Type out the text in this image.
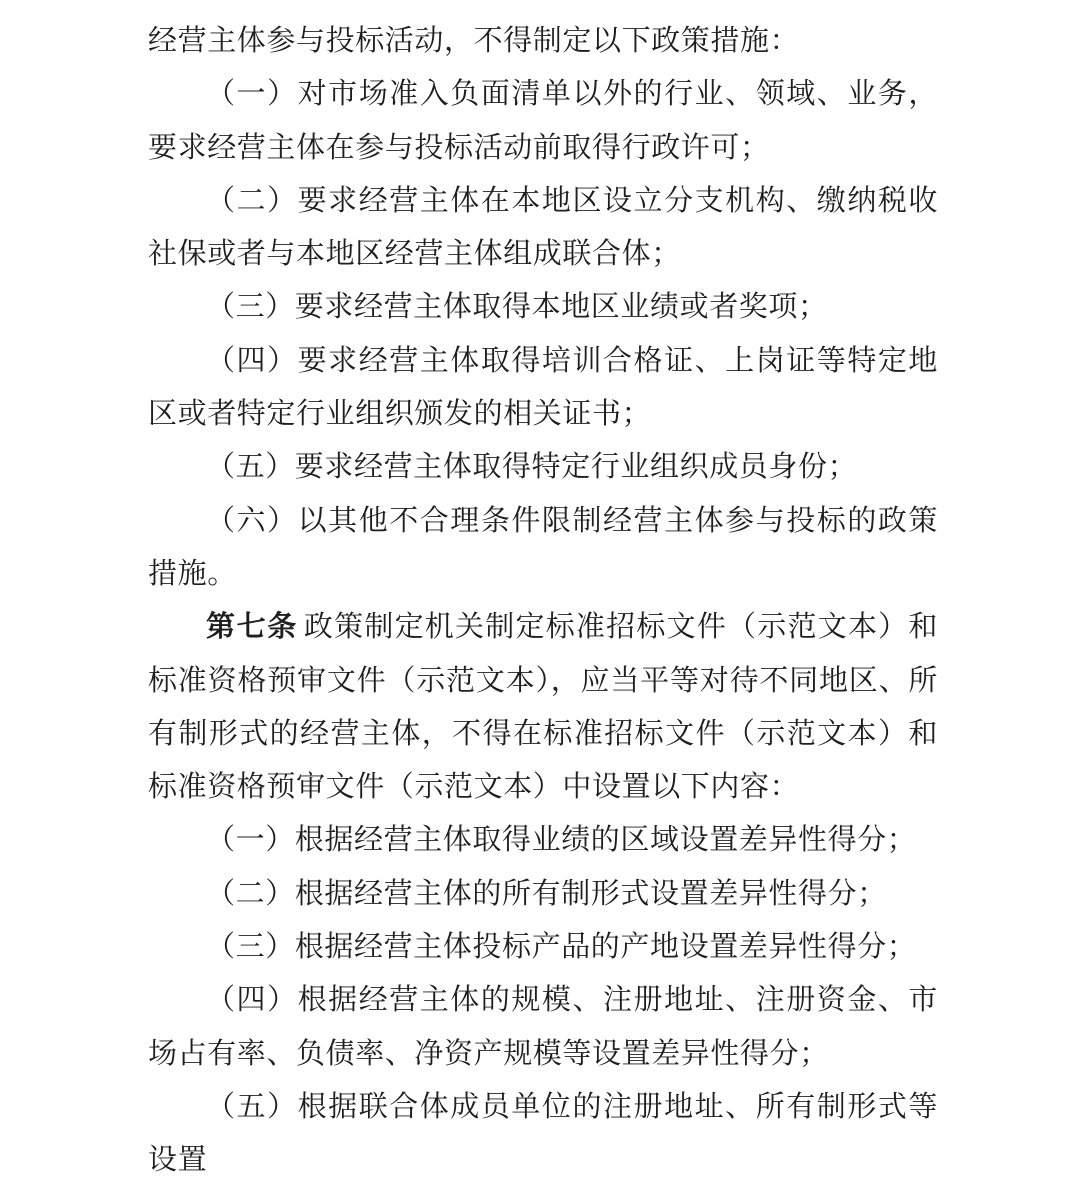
经营主体参与投标活动，不得制定以下政策措施：

（一）对市场准入负面清单以外的行业、领域、业务，要求经营主体在参与投标活动前取得行政许可；

（二）要求经营主体在本地区设立分支机构、缴纳税收社保或者与本地区经营主体组成联合体；

（三）要求经营主体取得本地区业绩或者奖项；

（四）要求经营主体取得培训合格证、上岗证等特定地区或者特定行业组织颁发的相关证书；

（五）要求经营主体取得特定行业组织成员身份；

（六）以其他不合理条件限制经营主体参与投标的政策措施。

第七条 政策制定机关制定标准招标文件（示范文本）和标准资格预审文件（示范文本），应当平等对待不同地区、所有制形式的经营主体，不得在标准招标文件（示范文本）和标准资格预审文件（示范文本）中设置以下内容：

（一）根据经营主体取得业绩的区域设置差异性得分；

（二）根据经营主体的所有制形式设置差异性得分；

（三）根据经营主体投标产品的产地设置差异性得分；

（四）根据经营主体的规模、注册地址、注册资金、市场占有率、负债率、净资产规模等设置差异性得分；

（五）根据联合体成员单位的注册地址、所有制形式等设置
